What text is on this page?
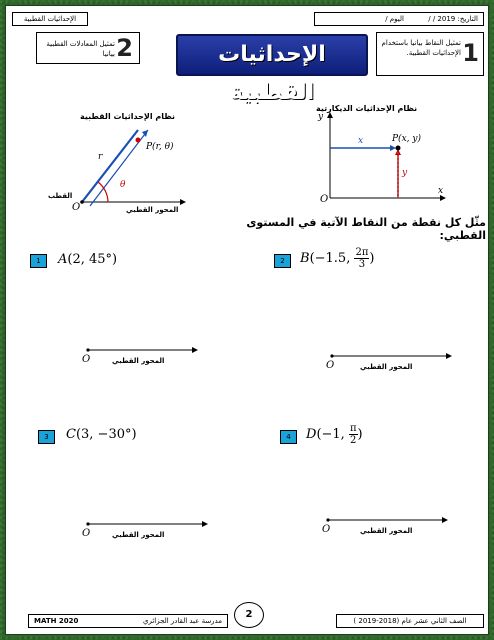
التاريخ: 2019 / / اليوم /
الإحداثيات القطبية
1
تمثيل النقاط بيانيا باستخدام الإحداثيات القطبية.
2
تمثيل المعادلات القطبية بيانيا	الإحداثيات القطبية
نظام الإحداثيات القطبية
P(r, θ)
r
θ
القطب
O	المحور القطبي
نظام الإحداثيات الديكارتية
y
x
O
P(x, y)
x
y
مثّل كل نقطة من النقاط الآتية في المستوى القطبي:
1	A(2, 45°)	2	B(−1.5, $\frac{2\pi}{3}$ )
O	المحور القطبي	O	المحور القطبي
3	C(3, −30°)	4	D(−1, $\frac{\pi}{2}$ )
O	المحور القطبي	O	المحور القطبي
MATH 2020	مدرسة عبد القادر الجزائري
2
الصف الثاني عشر عام (2018-2019 )
